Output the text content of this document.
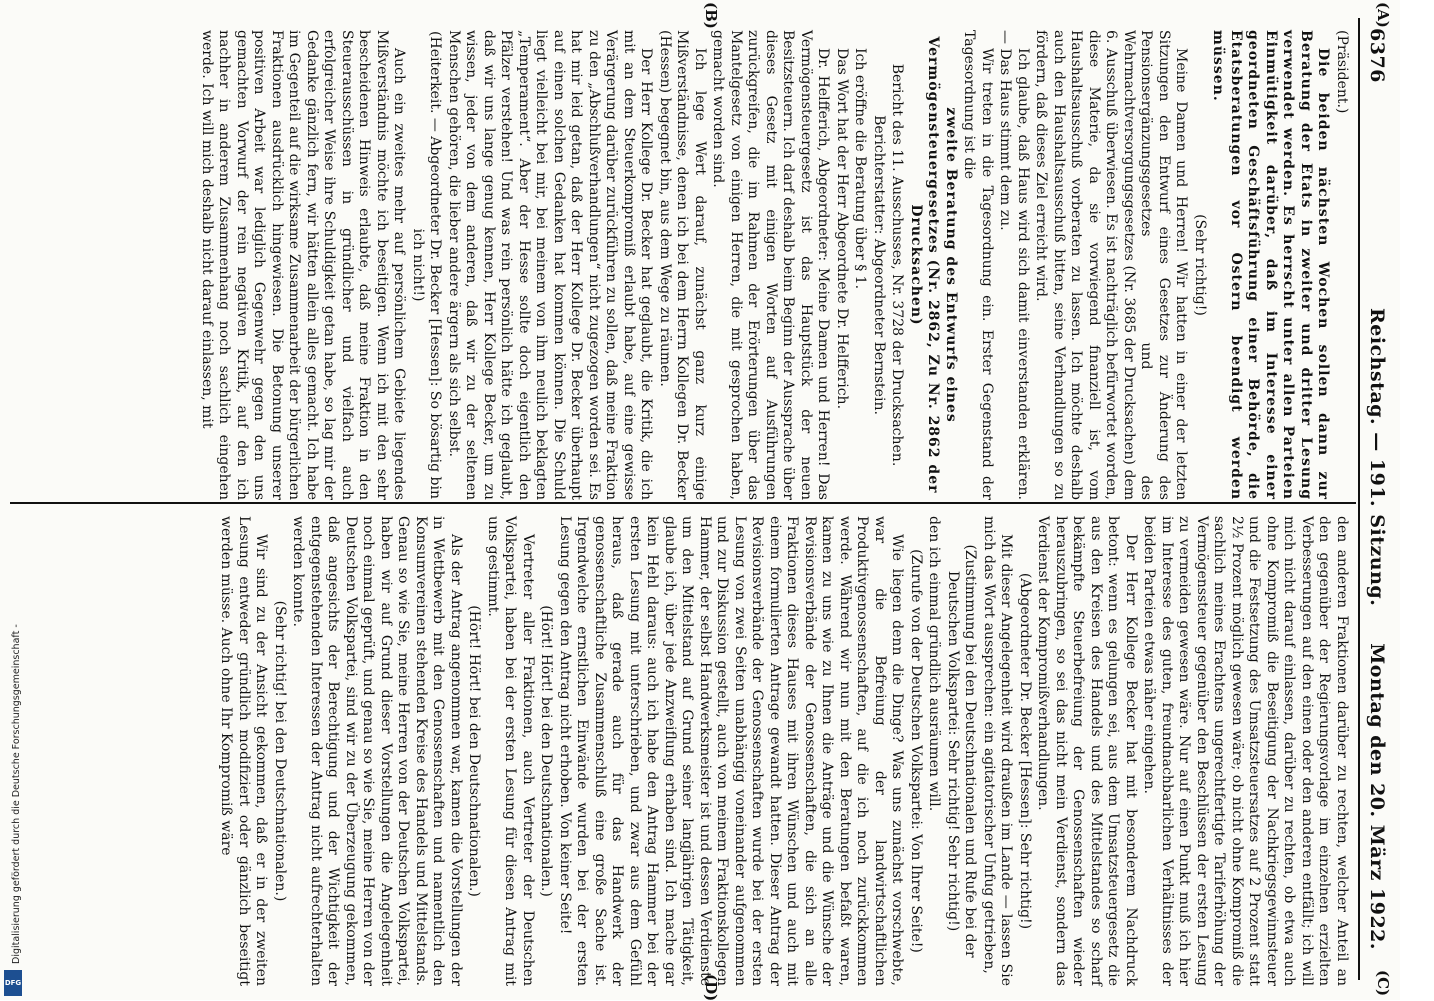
6376
Reichstag. — 191. Sitzung.
Montag den 20. März 1922.
(A)
(B)
(C)
(D)

(Präsident.)

Die beiden nächsten Wochen sollen dann zur Beratung der Etats in zweiter und dritter Lesung verwendet werden. Es herrscht unter allen Parteien Einmütigkeit darüber, daß im Interesse einer geordneten Geschäftsführung einer Behörde, die Etatsberatungen vor Ostern beendigt werden müssen.

(Sehr richtig!)

Meine Damen und Herren! Wir hatten in einer der letzten Sitzungen den Entwurf eines Gesetzes zur Änderung des Pensionsergänzungsgesetzes und des Wehrmachtversorgungsgesetzes (Nr. 3685 der Drucksachen) dem 6. Ausschuß überwiesen. Es ist nachträglich befürwortet worden, diese Materie, da sie vorwiegend finanziell ist, vom Haushaltsausschuß vorberaten zu lassen. Ich möchte deshalb auch den Haushaltsausschuß bitten, seine Verhandlungen so zu fördern, daß dieses Ziel erreicht wird.

Ich glaube, daß Haus wird sich damit einverstanden erklären. — Das Haus stimmt dem zu.

Wir treten in die Tagesordnung ein. Erster Gegenstand der Tagesordnung ist die

zweite Beratung des Entwurfs eines Vermögensteuergesetzes (Nr. 2862, Zu Nr. 2862 der Drucksachen)

Bericht des 11. Ausschusses, Nr. 3728 der Drucksachen.

Berichterstatter: Abgeordneter Bernstein.

Ich eröffne die Beratung über § 1.

Das Wort hat der Herr Abgeordnete Dr. Helfferich.

Dr. Helfferich, Abgeordneter: Meine Damen und Herren! Das Vermögensteuergesetz ist das Hauptstück der neuen Besitzsteuern. Ich darf deshalb beim Beginn der Aussprache über dieses Gesetz mit einigen Worten auf Ausführungen zurückgreifen, die im Rahmen der Erörterungen über das Mantelgesetz von einigen Herren, die mit gesprochen haben, gemacht worden sind.

Ich lege Wert darauf, zunächst ganz kurz einige Mißverständnisse, denen ich bei dem Herrn Kollegen Dr. Becker (Hessen) begegnet bin, aus dem Wege zu räumen.

Der Herr Kollege Dr. Becker hat geglaubt, die Kritik, die ich mit an dem Steuerkompromiß erlaubt habe, auf eine gewisse Verärgerung darüber zurückführen zu sollen, daß meine Fraktion zu den „Abschlußverhandlungen“ nicht zugezogen worden sei. Es hat mir leid getan, daß der Herr Kollege Dr. Becker überhaupt auf einen solchen Gedanken hat kommen können. Die Schuld liegt vielleicht bei mir, bei meinem von ihm neulich beklagten „Temperament“. Aber der Hesse sollte doch eigentlich den Pfälzer verstehen! Und was rein persönlich hätte ich geglaubt, daß wir uns lange genug kennen, Herr Kollege Becker, um zu wissen, jeder von dem anderen, daß wir zu der seltenen Menschen gehören, die lieber andere ärgern als sich selbst.

(Heiterkeit. — Abgeordneter Dr. Becker [Hessen]: So bösartig bin ich nicht!)

Auch ein zweites mehr auf persönlichem Gebiete liegendes Mißverständnis möchte ich beseitigen. Wenn ich mit den sehr bescheidenen Hinweis erlaubte, daß meine Fraktion in den Steuerausschüssen in gründlicher und vielfach auch erfolgreicher Weise ihre Schuldigkeit getan habe, so lag mir der Gedanke gänzlich fern, wir hätten allein alles gemacht. Ich habe im Gegenteil auf die wirksame Zusammenarbeit der bürgerlichen Fraktionen ausdrücklich hingewiesen. Die Betonung unserer positiven Arbeit war lediglich Gegenwehr gegen den uns gemachten Vorwurf der rein negativen Kritik, auf den ich nachher in anderem Zusammenhang noch sachlich eingehen werde. Ich will mich deshalb nicht darauf einlassen, mit

den anderen Fraktionen darüber zu rechten, welcher Anteil an den gegenüber der Regierungsvorlage im einzelnen erzielten Verbesserungen auf den einen oder den anderen entfällt; ich will mich nicht darauf einlassen, darüber zu rechten, ob etwa auch ohne Kompromiß die Beseitigung der Nachkriegsgewinnsteuer und die Festsetzung des Umsatzsteuersatzes auf 2 Prozent statt 2½ Prozent möglich gewesen wäre; ob nicht ohne Kompromiß die sachlich meines Erachtens ungerechtfertigte Tariferhöhung der Vermögenssteuer gegenüber den Beschlüssen der ersten Lesung zu vermeiden gewesen wäre. Nur auf einen Punkt muß ich hier im Interesse des guten, freundnachbarlichen Verhältnisses der beiden Parteien etwas näher eingehen.

Der Herr Kollege Becker hat mit besonderem Nachdruck betont: wenn es gelungen sei, aus dem Umsatzsteuergesetz die aus den Kreisen des Handels und des Mittelstandes so scharf bekämpfte Steuerbefreiung der Genossenschaften wieder herauszubringen, so sei das nicht mein Verdienst, sondern das Verdienst der Kompromißverhandlungen.

(Abgeordneter Dr. Becker [Hessen]: Sehr richtig!)

Mit dieser Angelegenheit wird draußen im Lande — lassen Sie mich das Wort aussprechen: ein agitatorischer Unfug getrieben,

(Zustimmung bei den Deutschnationalen und Rufe bei der Deutschen Volkspartei: Sehr richtig! Sehr richtig!)

den ich einmal gründlich ausräumen will.

(Zurufe von der Deutschen Volkspartei: Von Ihrer Seite!)

Wie liegen denn die Dinge? Was uns zunächst vorschwebte, war die Befreiung der landwirtschaftlichen Produktivgenossenschaften, auf die ich noch zurückkommen werde. Während wir nun mit den Beratungen befaßt waren, kamen zu uns wie zu Ihnen die Anträge und die Wünsche der Revisionsverbände der Genossenschaften, die sich an alle Fraktionen dieses Hauses mit ihren Wünschen und auch mit einem formulierten Antrage gewandt hatten. Dieser Antrag der Revisionsverbände der Genossenschaften wurde bei der ersten Lesung von zwei Seiten unabhängig voneinander aufgenommen und zur Diskussion gestellt, auch von meinem Fraktionskollegen Hammer, der selbst Handwerksmeister ist und dessen Verdienste um den Mittelstand auf Grund seiner langjährigen Tätigkeit, glaube ich, über jede Anzweiflung erhaben sind. Ich mache gar kein Hehl daraus: auch ich habe den Antrag Hammer bei der ersten Lesung mit unterschrieben, und zwar aus dem Gefühl heraus, daß gerade auch für das Handwerk der genossenschaftliche Zusammenschluß eine große Sache ist. Irgendwelche ernstlichen Einwände wurden bei der ersten Lesung gegen den Antrag nicht erhoben. Von keiner Seite!

(Hört! Hört! bei den Deutschnationalen.)

Vertreter aller Fraktionen, auch Vertreter der Deutschen Volkspartei, haben bei der ersten Lesung für diesen Antrag mit uns gestimmt.

(Hört! Hört! bei den Deutschnationalen.)

Als der Antrag angenommen war, kamen die Vorstellungen der in Wettbewerb mit den Genossenschaften und namentlich den Konsumvereinen stehenden Kreise des Handels und Mittelstands. Genau so wie Sie, meine Herren von der Deutschen Volkspartei, haben wir auf Grund dieser Vorstellungen die Angelegenheit noch einmal geprüft, und genau so wie Sie, meine Herren von der Deutschen Volkspartei, sind wir zu der Überzeugung gekommen, daß angesichts der Berechtigung und der Wichtigkeit der entgegenstehenden Interessen der Antrag nicht aufrechterhalten werden konnte.

(Sehr richtig! bei den Deutschnationalen.)

Wir sind zu der Ansicht gekommen, daß er in der zweiten Lesung entweder gründlich modifiziert oder gänzlich beseitigt werden müsse. Auch ohne Ihr Kompromiß wäre

Digitalisierung gefördert durch die Deutsche Forschungsgemeinschaft -
DFG
